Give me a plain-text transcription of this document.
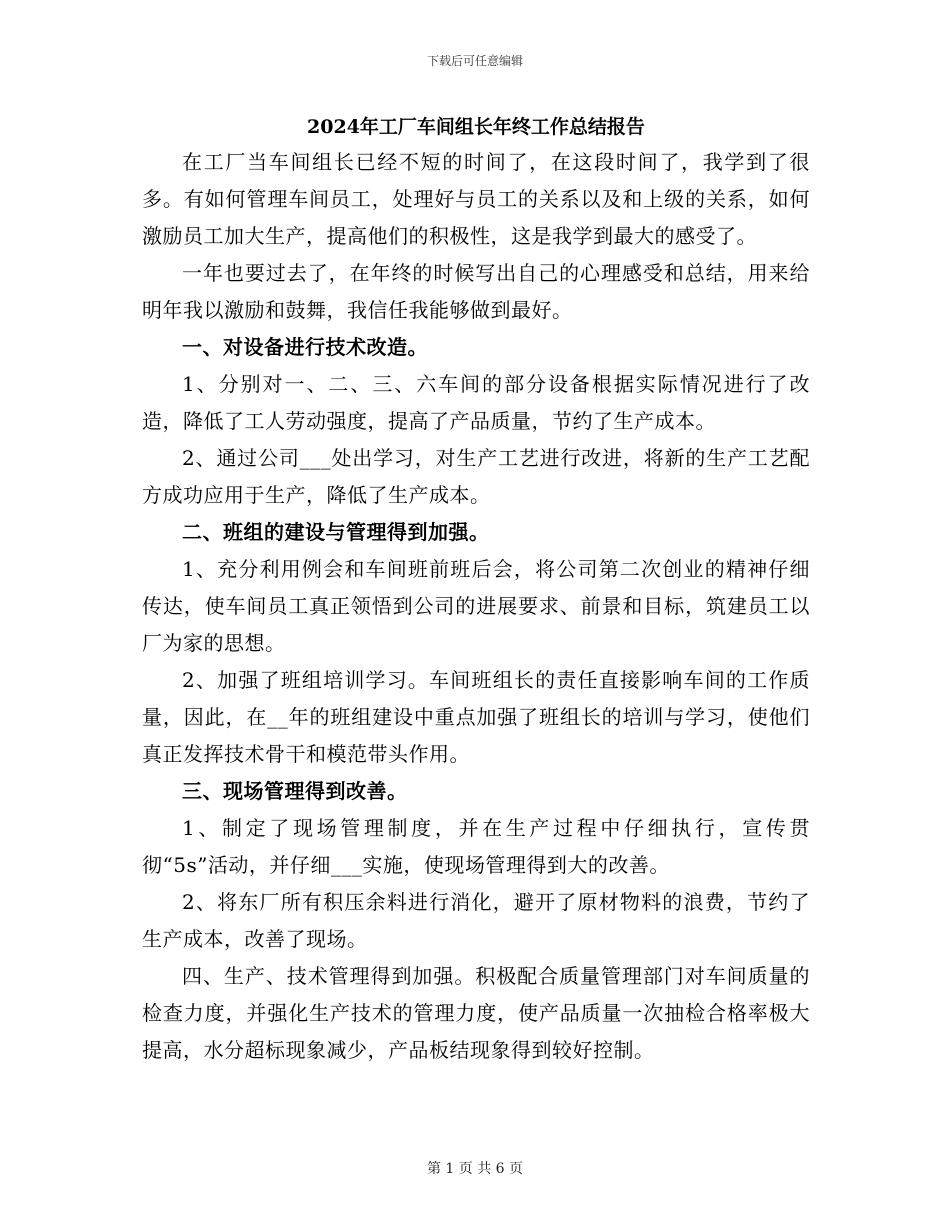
下载后可任意编辑
2024年工厂车间组长年终工作总结报告

在工厂当车间组长已经不短的时间了，在这段时间了，我学到了很多。有如何管理车间员工，处理好与员工的关系以及和上级的关系，如何激励员工加大生产，提高他们的积极性，这是我学到最大的感受了。

一年也要过去了，在年终的时候写出自己的心理感受和总结，用来给明年我以激励和鼓舞，我信任我能够做到最好。

一、对设备进行技术改造。

1、分别对一、二、三、六车间的部分设备根据实际情况进行了改造，降低了工人劳动强度，提高了产品质量，节约了生产成本。

2、通过公司___处出学习，对生产工艺进行改进，将新的生产工艺配方成功应用于生产，降低了生产成本。

二、班组的建设与管理得到加强。

1、充分利用例会和车间班前班后会，将公司第二次创业的精神仔细传达，使车间员工真正领悟到公司的进展要求、前景和目标，筑建员工以厂为家的思想。

2、加强了班组培训学习。车间班组长的责任直接影响车间的工作质量，因此，在__年的班组建设中重点加强了班组长的培训与学习，使他们真正发挥技术骨干和模范带头作用。

三、现场管理得到改善。

1、制定了现场管理制度，并在生产过程中仔细执行，宣传贯彻“5s”活动，并仔细___实施，使现场管理得到大的改善。

2、将东厂所有积压余料进行消化，避开了原材物料的浪费，节约了生产成本，改善了现场。

四、生产、技术管理得到加强。积极配合质量管理部门对车间质量的检查力度，并强化生产技术的管理力度，使产品质量一次抽检合格率极大提高，水分超标现象减少，产品板结现象得到较好控制。

第 1 页 共 6 页
